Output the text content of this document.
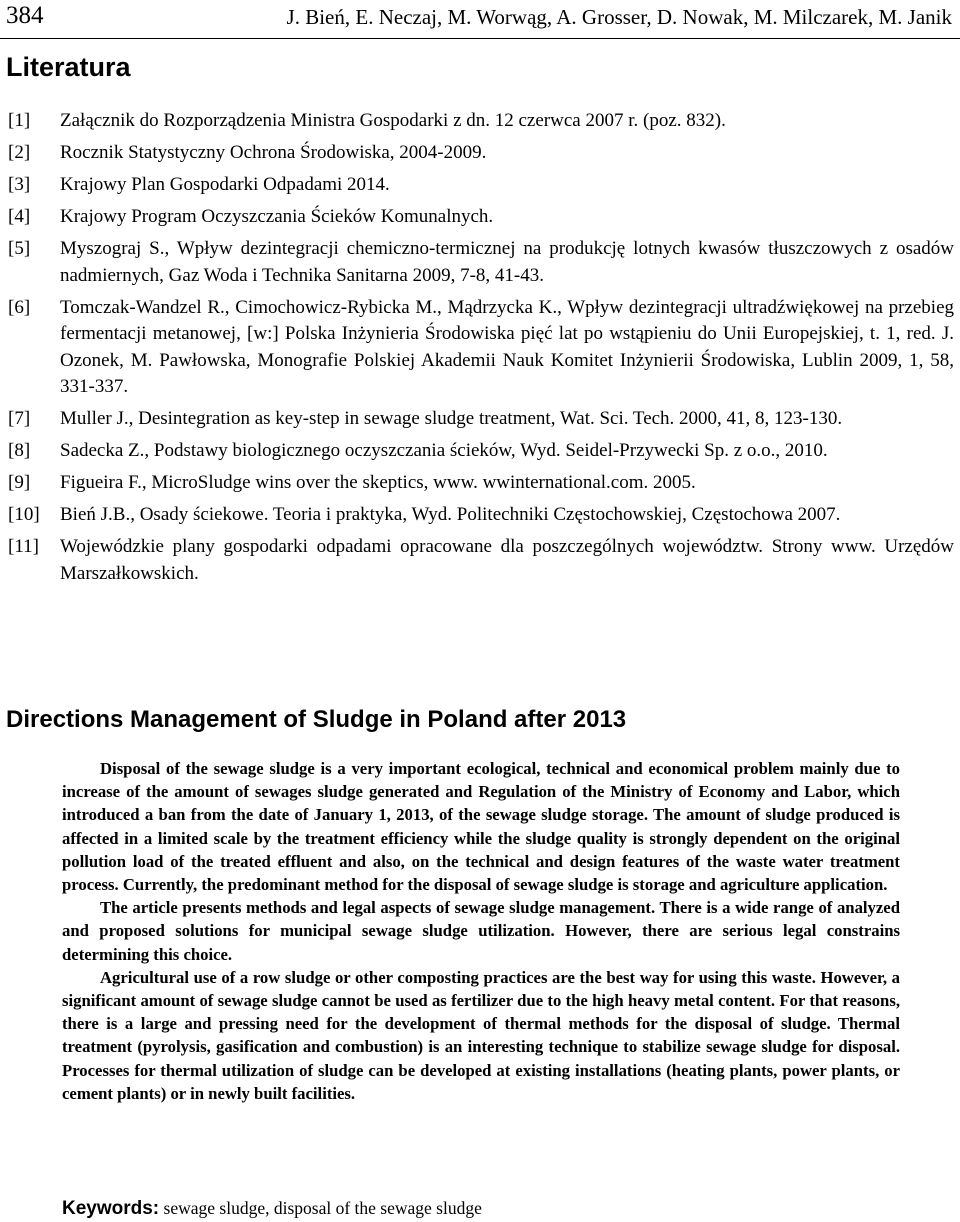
384	J. Bień, E. Neczaj, M. Worwąg, A. Grosser, D. Nowak, M. Milczarek, M. Janik
Literatura
[1] Załącznik do Rozporządzenia Ministra Gospodarki z dn. 12 czerwca 2007 r. (poz. 832).
[2] Rocznik Statystyczny Ochrona Środowiska, 2004-2009.
[3] Krajowy Plan Gospodarki Odpadami 2014.
[4] Krajowy Program Oczyszczania Ścieków Komunalnych.
[5] Myszograj S., Wpływ dezintegracji chemiczno-termicznej na produkcję lotnych kwasów tłuszczowych z osadów nadmiernych, Gaz Woda i Technika Sanitarna 2009, 7-8, 41-43.
[6] Tomczak-Wandzel R., Cimochowicz-Rybicka M., Mądrzycka K., Wpływ dezintegracji ultradźwiękowej na przebieg fermentacji metanowej, [w:] Polska Inżynieria Środowiska pięć lat po wstąpieniu do Unii Europejskiej, t. 1, red. J. Ozonek, M. Pawłowska, Monografie Polskiej Akademii Nauk Komitet Inżynierii Środowiska, Lublin 2009, 1, 58, 331-337.
[7] Muller J., Desintegration as key-step in sewage sludge treatment, Wat. Sci. Tech. 2000, 41, 8, 123-130.
[8] Sadecka Z., Podstawy biologicznego oczyszczania ścieków, Wyd. Seidel-Przywecki Sp. z o.o., 2010.
[9] Figueira F., MicroSludge wins over the skeptics, www. wwinternational.com. 2005.
[10] Bień J.B., Osady ściekowe. Teoria i praktyka, Wyd. Politechniki Częstochowskiej, Częstochowa 2007.
[11] Wojewódzkie plany gospodarki odpadami opracowane dla poszczególnych województw. Strony www. Urzędów Marszałkowskich.
Directions Management of Sludge in Poland after 2013

Disposal of the sewage sludge is a very important ecological, technical and economical problem mainly due to increase of the amount of sewages sludge generated and Regulation of the Ministry of Economy and Labor, which introduced a ban from the date of January 1, 2013, of the sewage sludge storage. The amount of sludge produced is affected in a limited scale by the treatment efficiency while the sludge quality is strongly dependent on the original pollution load of the treated effluent and also, on the technical and design features of the waste water treatment process. Currently, the predominant method for the disposal of sewage sludge is storage and agriculture application.

The article presents methods and legal aspects of sewage sludge management. There is a wide range of analyzed and proposed solutions for municipal sewage sludge utilization. However, there are serious legal constrains determining this choice.

Agricultural use of a row sludge or other composting practices are the best way for using this waste. However, a significant amount of sewage sludge cannot be used as fertilizer due to the high heavy metal content. For that reasons, there is a large and pressing need for the development of thermal methods for the disposal of sludge. Thermal treatment (pyrolysis, gasification and combustion) is an interesting technique to stabilize sewage sludge for disposal. Processes for thermal utilization of sludge can be developed at existing installations (heating plants, power plants, or cement plants) or in newly built facilities.

Keywords: sewage sludge, disposal of the sewage sludge
